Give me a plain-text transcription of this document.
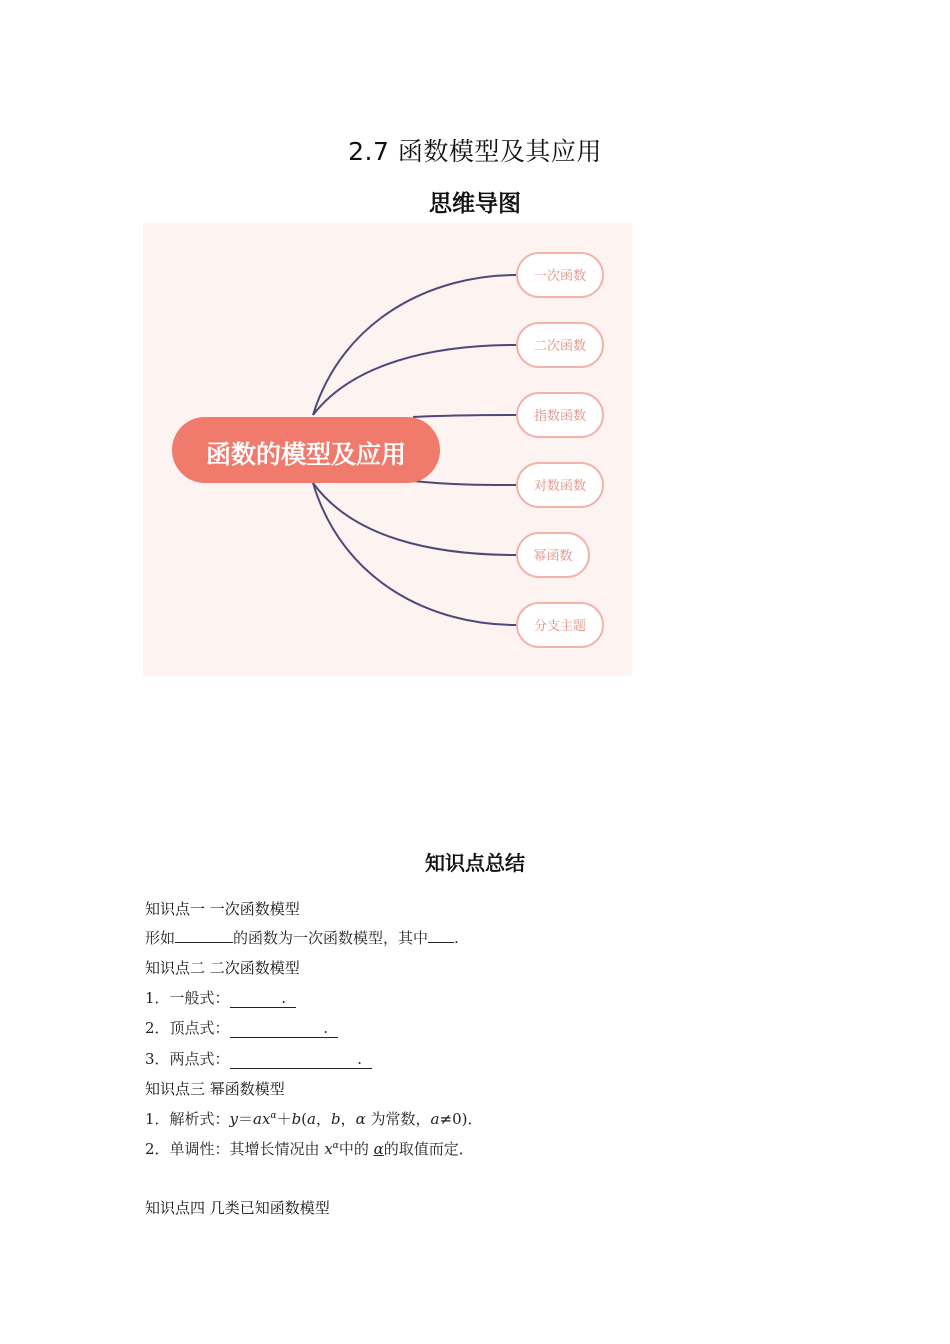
2.7 函数模型及其应用
思维导图
函数的模型及应用
一次函数
二次函数
指数函数
对数函数
幂函数
分支主题
知识点总结
知识点一 一次函数模型
形如	的函数为一次函数模型，其中 .
知识点二 二次函数模型
1．一般式：	.
2．顶点式：	.
3．两点式：	.
知识点三 幂函数模型
1．解析式：$y=ax^\alpha+b(a$，b，α 为常数，a≠0)．
2．单调性：其增长情况由 $x^\alpha$中的 α的取值而定．
知识点四 几类已知函数模型
